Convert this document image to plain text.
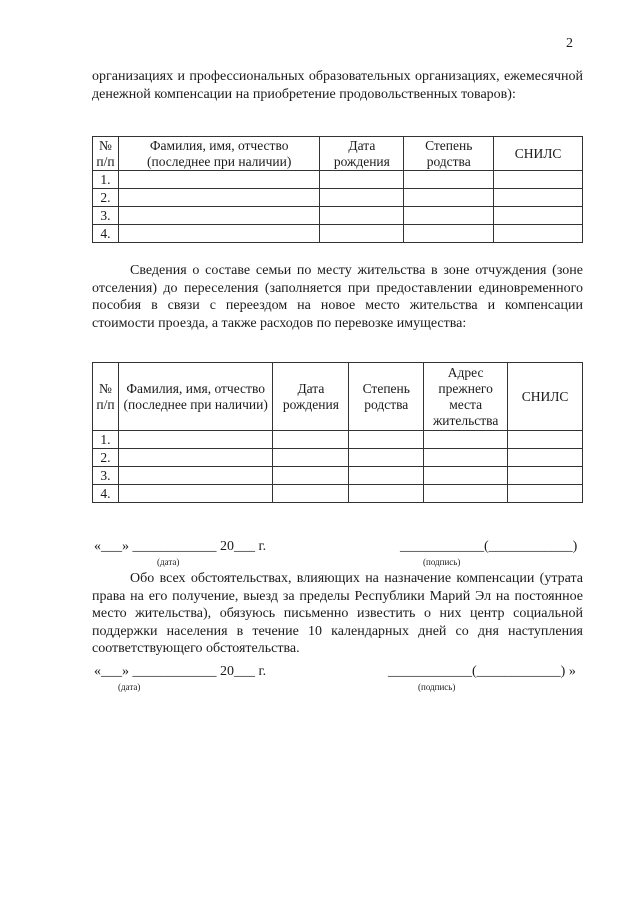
2
организациях и профессиональных образовательных организациях, ежемесячной денежной компенсации на приобретение продовольственных товаров):
№ п/п	Фамилия, имя, отчество (последнее при наличии)	Дата рождения	Степень родства	СНИЛС
1.				
2.				
3.				
4.				
Сведения о составе семьи по месту жительства в зоне отчуждения (зоне отселения) до переселения (заполняется при предоставлении единовременного пособия в связи с переездом на новое место жительства и компенсации стоимости проезда, а также расходов по перевозке имущества:
№ п/п	Фамилия, имя, отчество (последнее при наличии)	Дата рождения	Степень родства	Адрес прежнего места жительства	СНИЛС
1.					
2.					
3.					
4.					
«___» ____________ 20___ г.
(дата)
____________(____________)
(подпись)
Обо всех обстоятельствах, влияющих на назначение компенсации (утрата права на его получение, выезд за пределы Республики Марий Эл на постоянное место жительства), обязуюсь письменно известить о них центр социальной поддержки населения в течение 10 календарных дней со дня наступления соответствующего обстоятельства.
«___» ____________ 20___ г.
(дата)
____________(____________) »
(подпись)
